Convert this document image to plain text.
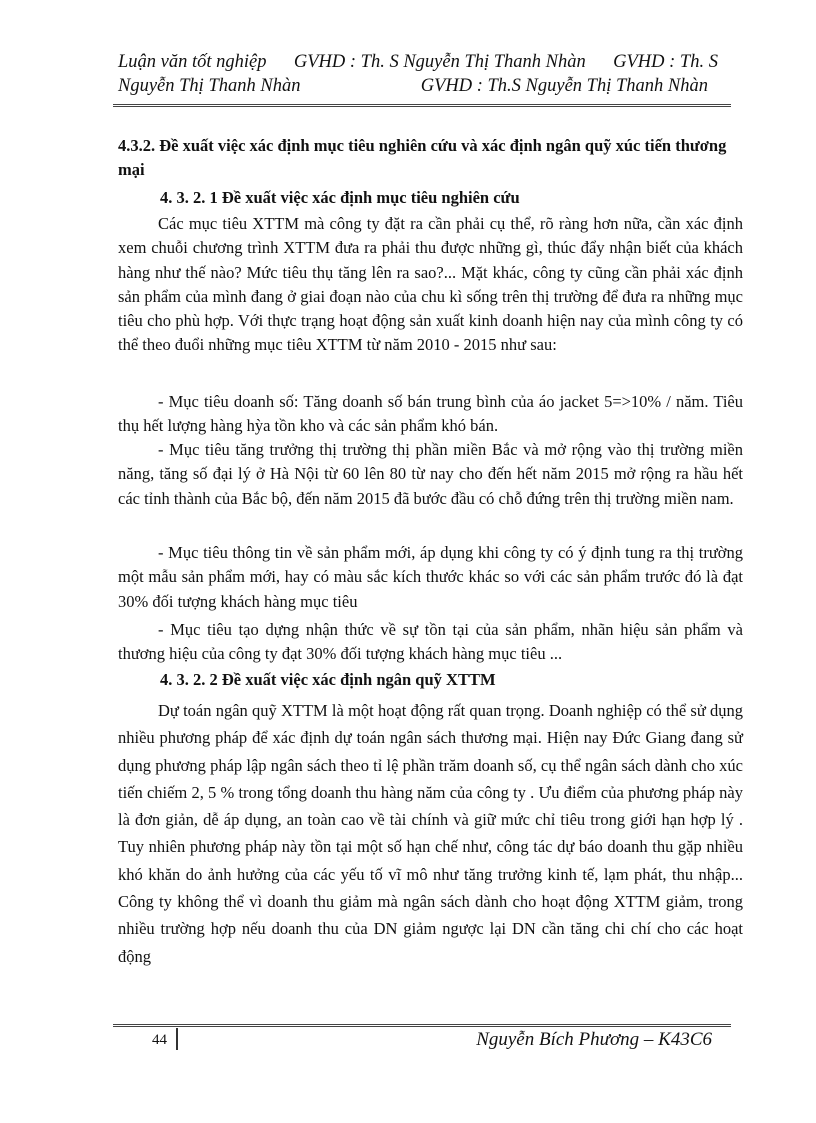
Luận văn tốt nghiệp GVHD : Th. S Nguyễn Thị Thanh Nhàn GVHD : Th. S
Nguyễn Thị Thanh Nhàn	GVHD : Th.S Nguyễn Thị Thanh Nhàn
4.3.2. Đề xuất việc xác định mục tiêu nghiên cứu và xác định ngân quỹ xúc tiến thương mại
4. 3. 2. 1 Đề xuất việc xác định mục tiêu nghiên cứu
Các mục tiêu XTTM mà công ty đặt ra cần phải cụ thể, rõ ràng hơn nữa, cần xác định xem chuỗi chương trình XTTM đưa ra phải thu được những gì, thúc đẩy nhận biết của khách hàng như thế nào? Mức tiêu thụ tăng lên ra sao?... Mặt khác, công ty cũng cần phải xác định sản phẩm của mình đang ở giai đoạn nào của chu kì sống trên thị trường để đưa ra những mục tiêu cho phù hợp. Với thực trạng hoạt động sản xuất kinh doanh hiện nay của mình công ty có thể theo đuổi những mục tiêu XTTM từ năm 2010 - 2015 như sau:
- Mục tiêu doanh số: Tăng doanh số bán trung bình của áo jacket 5=>10% / năm. Tiêu thụ hết lượng hàng hỳa tồn kho và các sản phẩm khó bán.
- Mục tiêu tăng trưởng thị trường thị phần miền Bắc và mở rộng vào thị trường miền năng, tăng số đại lý ở Hà Nội từ 60 lên 80 từ nay cho đến hết năm 2015 mở rộng ra hầu hết các tỉnh thành của Bắc bộ, đến năm 2015 đã bước đầu có chỗ đứng trên thị trường miền nam.
- Mục tiêu thông tin về sản phẩm mới, áp dụng khi công ty có ý định tung ra thị trường một mẫu sản phẩm mới, hay có màu sắc kích thước khác so với các sản phẩm trước đó là đạt 30% đối tượng khách hàng mục tiêu
- Mục tiêu tạo dựng nhận thức về sự tồn tại của sản phẩm, nhãn hiệu sản phẩm và thương hiệu của công ty đạt 30% đối tượng khách hàng mục tiêu ...
4. 3. 2. 2 Đề xuất việc xác định ngân quỹ XTTM
Dự toán ngân quỹ XTTM là một hoạt động rất quan trọng. Doanh nghiệp có thể sử dụng nhiều phương pháp để xác định dự toán ngân sách thương mại. Hiện nay Đức Giang đang sử dụng phương pháp lập ngân sách theo tỉ lệ phần trăm doanh số, cụ thể ngân sách dành cho xúc tiến chiếm 2, 5 % trong tổng doanh thu hàng năm của công ty . Ưu điểm của phương pháp này là đơn giản, dễ áp dụng, an toàn cao về tài chính và giữ mức chỉ tiêu trong giới hạn hợp lý . Tuy nhiên phương pháp này tồn tại một số hạn chế như, công tác dự báo doanh thu gặp nhiều khó khăn do ảnh hưởng của các yếu tố vĩ mô như tăng trưởng kinh tế, lạm phát, thu nhập... Công ty không thể vì doanh thu giảm mà ngân sách dành cho hoạt động XTTM giảm, trong nhiều trường hợp nếu doanh thu của DN giảm ngược lại DN cần tăng chi chí cho các hoạt động
44	Nguyễn Bích Phương – K43C6
